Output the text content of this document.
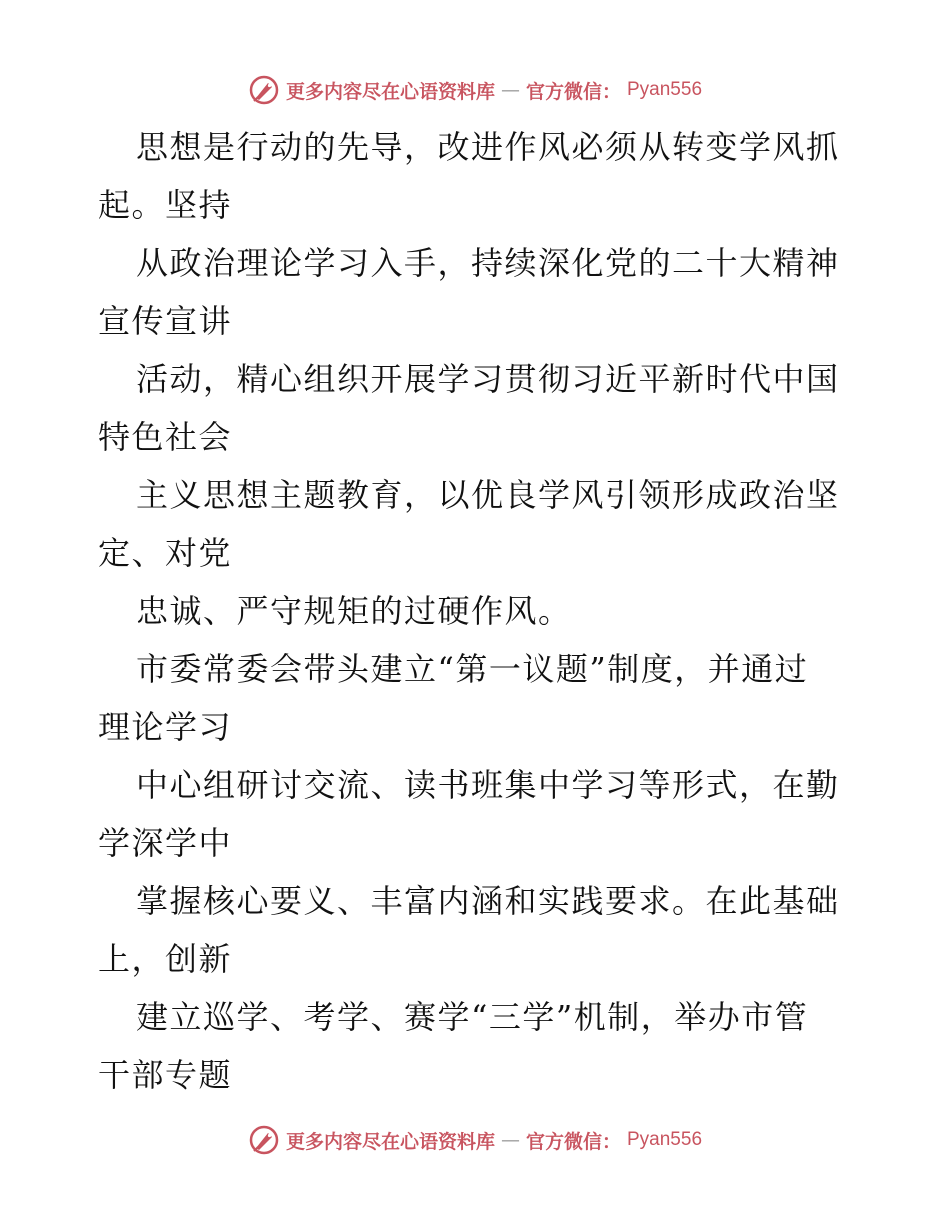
更多内容尽在心语资料库 — 官方微信： Pyan556
思想是行动的先导，改进作风必须从转变学风抓
起。坚持
从政治理论学习入手，持续深化党的二十大精神
宣传宣讲
活动，精心组织开展学习贯彻习近平新时代中国
特色社会
主义思想主题教育，以优良学风引领形成政治坚
定、对党
忠诚、严守规矩的过硬作风。
市委常委会带头建立“第一议题”制度，并通过
理论学习
中心组研讨交流、读书班集中学习等形式，在勤
学深学中
掌握核心要义、丰富内涵和实践要求。在此基础
上，创新
建立巡学、考学、赛学“三学”机制，举办市管
干部专题
更多内容尽在心语资料库 — 官方微信： Pyan556
